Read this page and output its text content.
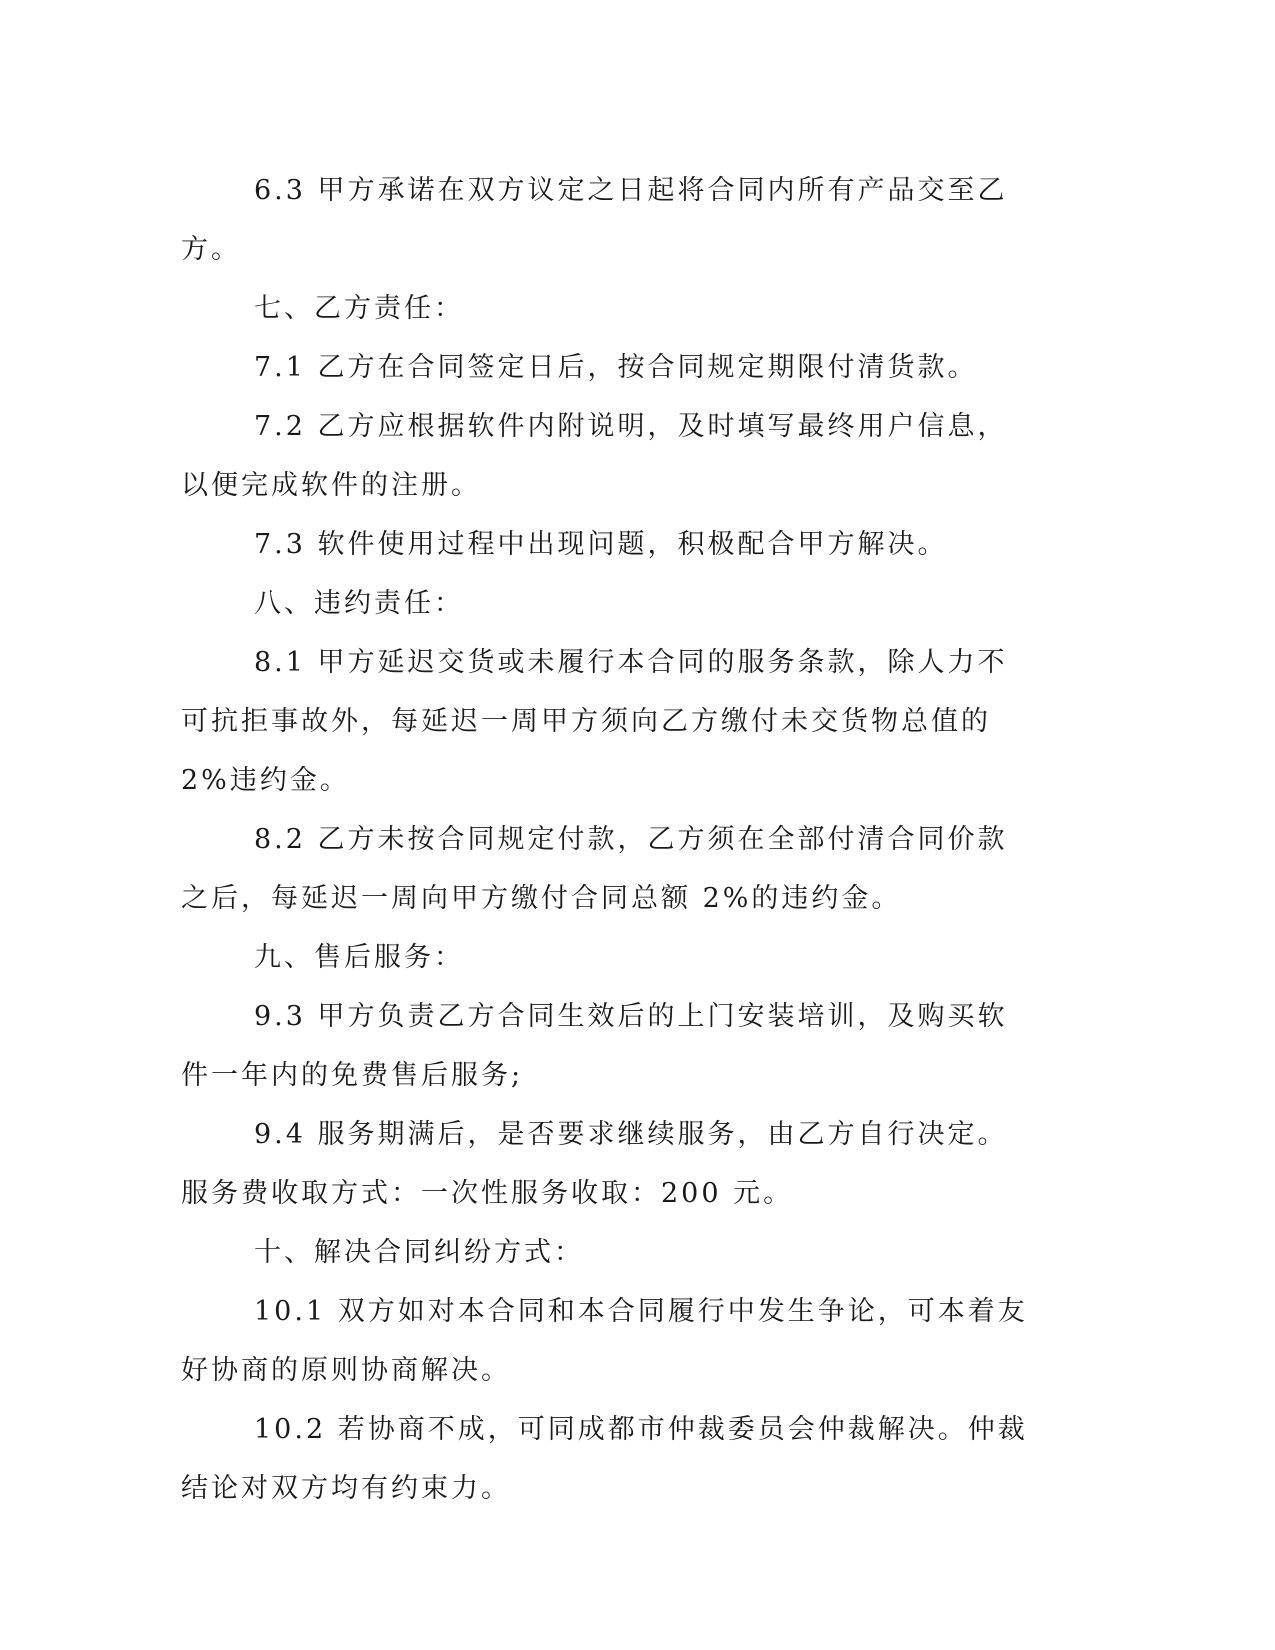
6.3 甲方承诺在双方议定之日起将合同内所有产品交至乙方。

七、乙方责任：

7.1 乙方在合同签定日后，按合同规定期限付清货款。

7.2 乙方应根据软件内附说明，及时填写最终用户信息，以便完成软件的注册。

7.3 软件使用过程中出现问题，积极配合甲方解决。

八、违约责任：

8.1 甲方延迟交货或未履行本合同的服务条款，除人力不可抗拒事故外，每延迟一周甲方须向乙方缴付未交货物总值的 2%违约金。

8.2 乙方未按合同规定付款，乙方须在全部付清合同价款之后，每延迟一周向甲方缴付合同总额 2%的违约金。

九、售后服务：

9.3 甲方负责乙方合同生效后的上门安装培训，及购买软件一年内的免费售后服务;

9.4 服务期满后，是否要求继续服务，由乙方自行决定。服务费收取方式：一次性服务收取：200 元。

十、解决合同纠纷方式：

10.1 双方如对本合同和本合同履行中发生争论，可本着友好协商的原则协商解决。

10.2 若协商不成，可同成都市仲裁委员会仲裁解决。仲裁结论对双方均有约束力。
